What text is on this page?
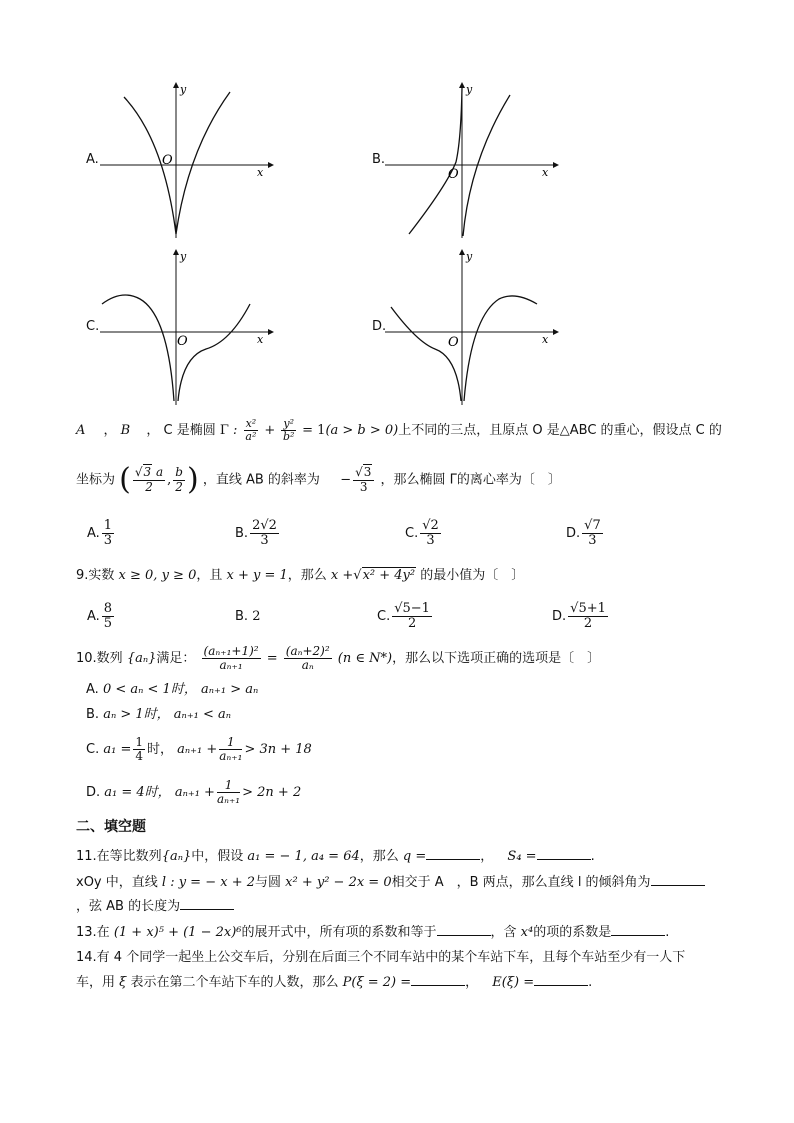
A.
y
x
O	B.
y
x
O
C.
y
x
O
D.
y
x
O
A ， B ， C 是椭圆 Γ : $\frac{\text{x²}}{\text{a²}} + \frac{\text{y²}}{\text{b²}} = 1(a > b > 0)$上不同的三点，且原点 O 是△ABC 的重心，假设点 C 的
坐标为 ( $\frac{√3 a}{2}$ , $\frac{b}{2}$ ) ，直线 AB 的斜率为 − $\frac{√3}{3}$ ，那么椭圆 Γ的离心率为〔　〕
A. $\frac{1}{3}$	B. $\frac{2√2}{3}$	C. $\frac{√2}{3}$	D. $\frac{√7}{3}$
9.实数 x ≥ 0, y ≥ 0，且 x + y = 1，那么 x +√x² + 4y² 的最小值为〔　〕
A. $\frac{8}{5}$	B. 2	C. $\frac{√5-1}{2}$	D. $\frac{√5+1}{2}$
10.数列 {aₙ}满足： $\frac{\text{(aₙ₊₁+1)²}}{\text{aₙ₊₁}} = \frac{\text{(aₙ+2)²}}{\text{aₙ}} (n$ ∈ N*)，那么以下选项正确的选项是〔　〕
A. 0 < aₙ < 1时， aₙ₊₁ > aₙ
B. aₙ > 1时， aₙ₊₁ < aₙ
C. $a_1 = \frac{1}{4}$ 时， $a_{n+1} + \frac{1}{\text{aₙ₊₁}} > 3n + 18$
D. a₁ = 4时， $a_{n+1} + \frac{1}{\text{aₙ₊₁}} > 2n + 2$
二、填空题
11.在等比数列{aₙ}中，假设 a₁ = − 1, a₄ = 64，那么 q =	， S₄ =	.
xOy 中，直线 l : y = − x + 2与圆 x² + y² − 2x = 0相交于 A　，B 两点，那么直线 l 的倾斜角为
，弦 AB 的长度为
13.在 (1 + x)⁵ + (1 − 2x)⁶的展开式中，所有项的系数和等于	，含 x⁴的项的系数是	.
14.有 4 个同学一起坐上公交车后，分别在后面三个不同车站中的某个车站下车，且每个车站至少有一人下
车，用 ξ 表示在第二个车站下车的人数，那么 P(ξ = 2) =	， E(ξ) =	.
